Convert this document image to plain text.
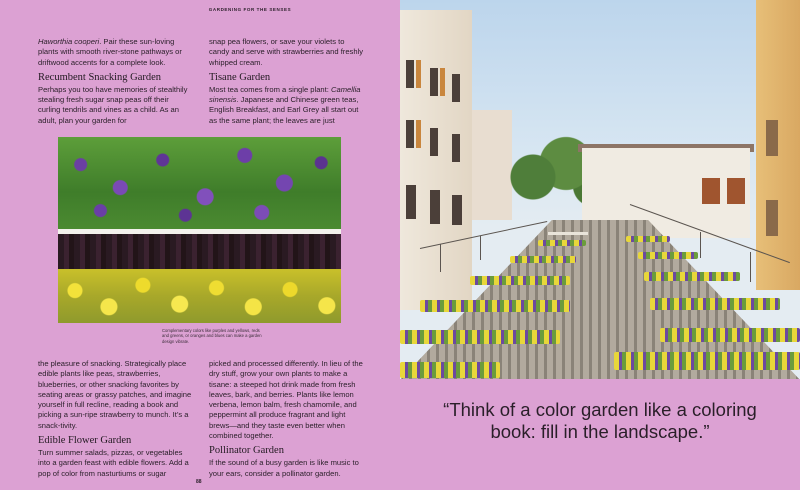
GARDENING FOR THE SENSES

Haworthia cooperi. Pair these sun-loving plants with smooth river-stone pathways or driftwood accents for a complete look.

Recumbent Snacking Garden

Perhaps you too have memories of stealthily stealing fresh sugar snap peas off their curling tendrils and vines as a child. As an adult, plan your garden for

snap pea flowers, or save your violets to candy and serve with strawberries and freshly whipped cream.

Tisane Garden

Most tea comes from a single plant: Camellia sinensis. Japanese and Chinese green teas, English Breakfast, and Earl Grey all start out as the same plant; the leaves are just

Complementary colors like purples and yellows, reds and greens, or oranges and blues can make a garden design vibrate.

the pleasure of snacking. Strategically place edible plants like peas, strawberries, blueberries, or other snacking favorites by seating areas or grassy patches, and imagine yourself in full recline, reading a book and picking a sun-ripe strawberry to munch. It’s a snack-tivity.

Edible Flower Garden

Turn summer salads, pizzas, or vegetables into a garden feast with edible flowers. Add a pop of color from nasturtiums or sugar

picked and processed differently. In lieu of the dry stuff, grow your own plants to make a tisane: a steeped hot drink made from fresh leaves, bark, and berries. Plants like lemon verbena, lemon balm, fresh chamomile, and peppermint all produce fragrant and light brews—and they taste even better when combined together.

Pollinator Garden

If the sound of a busy garden is like music to your ears, consider a pollinator garden.

88
“Think of a color garden like a coloring book: fill in the landscape.”
